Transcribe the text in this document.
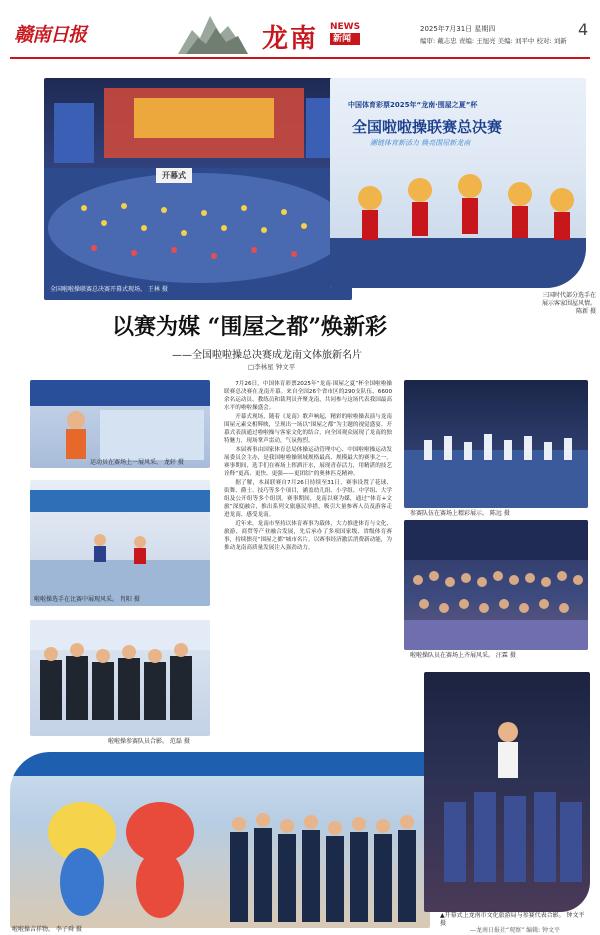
赣南日报	龙南 NEWS
新闻
2025年7月31日 星期四
编审: 戴志忠 责编: 王旭亮 美编: 刘平中 校对: 刘新
4
开幕式
全国啦啦操联赛总决赛开幕式现场。 王林 摄
中国体育彩票2025年“龙南·围屋之夏”杯
全国啦啦操联赛总决赛
潮链体育新活力 焕亮围屋新龙南
三国时代部分选手在展示客家围屋风情。 陈新 摄
以赛为媒 “围屋之都”焕新彩
——全国啦啦操总决赛成龙南文体旅新名片
□李林星 钟文平
运动员在赛场上一展风采。 龙轩 摄
啦啦操选手在比赛中展现风采。 肖阳 摄
啦啦操参赛队员合影。 范磊 摄

7月26日，中国体育彩票2025年“龙南·围屋之夏”杯全国啦啦操联赛总决赛在龙南开幕。来自全国26个省市区的290支队伍、6600余名运动员、教练员和裁判员齐聚龙南，共同参与这场代表我国最高水平的啦啦操盛会。

开幕式现场，随着《龙南》歌声响起，精彩的啦啦操表演与龙南围屋元素交相辉映，呈现出一场以“围屋之都”为主题的视觉盛宴。开幕式表演通过啦啦操与客家文化的结合，向全国观众展现了龙南的独特魅力，现场掌声雷动，气氛热烈。

本届赛事由国家体育总局体操运动管理中心、中国啦啦操运动发展委员会主办，是我国啦啦操领域规格最高、规模最大的赛事之一。赛事期间，选手们在赛场上挥洒汗水，展现青春活力，用精湛的技艺诠释“更高、更快、更强——更团结”的奥林匹克精神。

据了解，本届联赛自7月26日持续至31日，赛事设置了花球、街舞、爵士、技巧等多个项目，涵盖幼儿组、小学组、中学组、大学组及公开组等多个组别。赛事期间，龙南以赛为媒，通过“体育+文旅”深度融合，推出系列文旅惠民举措，吸引大量参赛人员及游客走进龙南、感受龙南。

近年来，龙南市坚持以体育赛事为载体，大力推进体育与文化、旅游、商贸等产业融合发展，先后承办了多项国家级、省级体育赛事，持续擦亮“围屋之都”城市名片，以赛事经济激活消费新动能，为推动龙南高质量发展注入强劲动力。

参赛队伍在赛场上精彩展示。 陈远 摄
啦啦操队员在赛场上齐展风采。 汪霖 摄
啦啦操吉祥物。 李子舜 摄
▲开幕式上龙南市文化旅游局与参赛代表合影。 钟文平 摄
—龙南日报社“观察” 编辑: 钟文平
